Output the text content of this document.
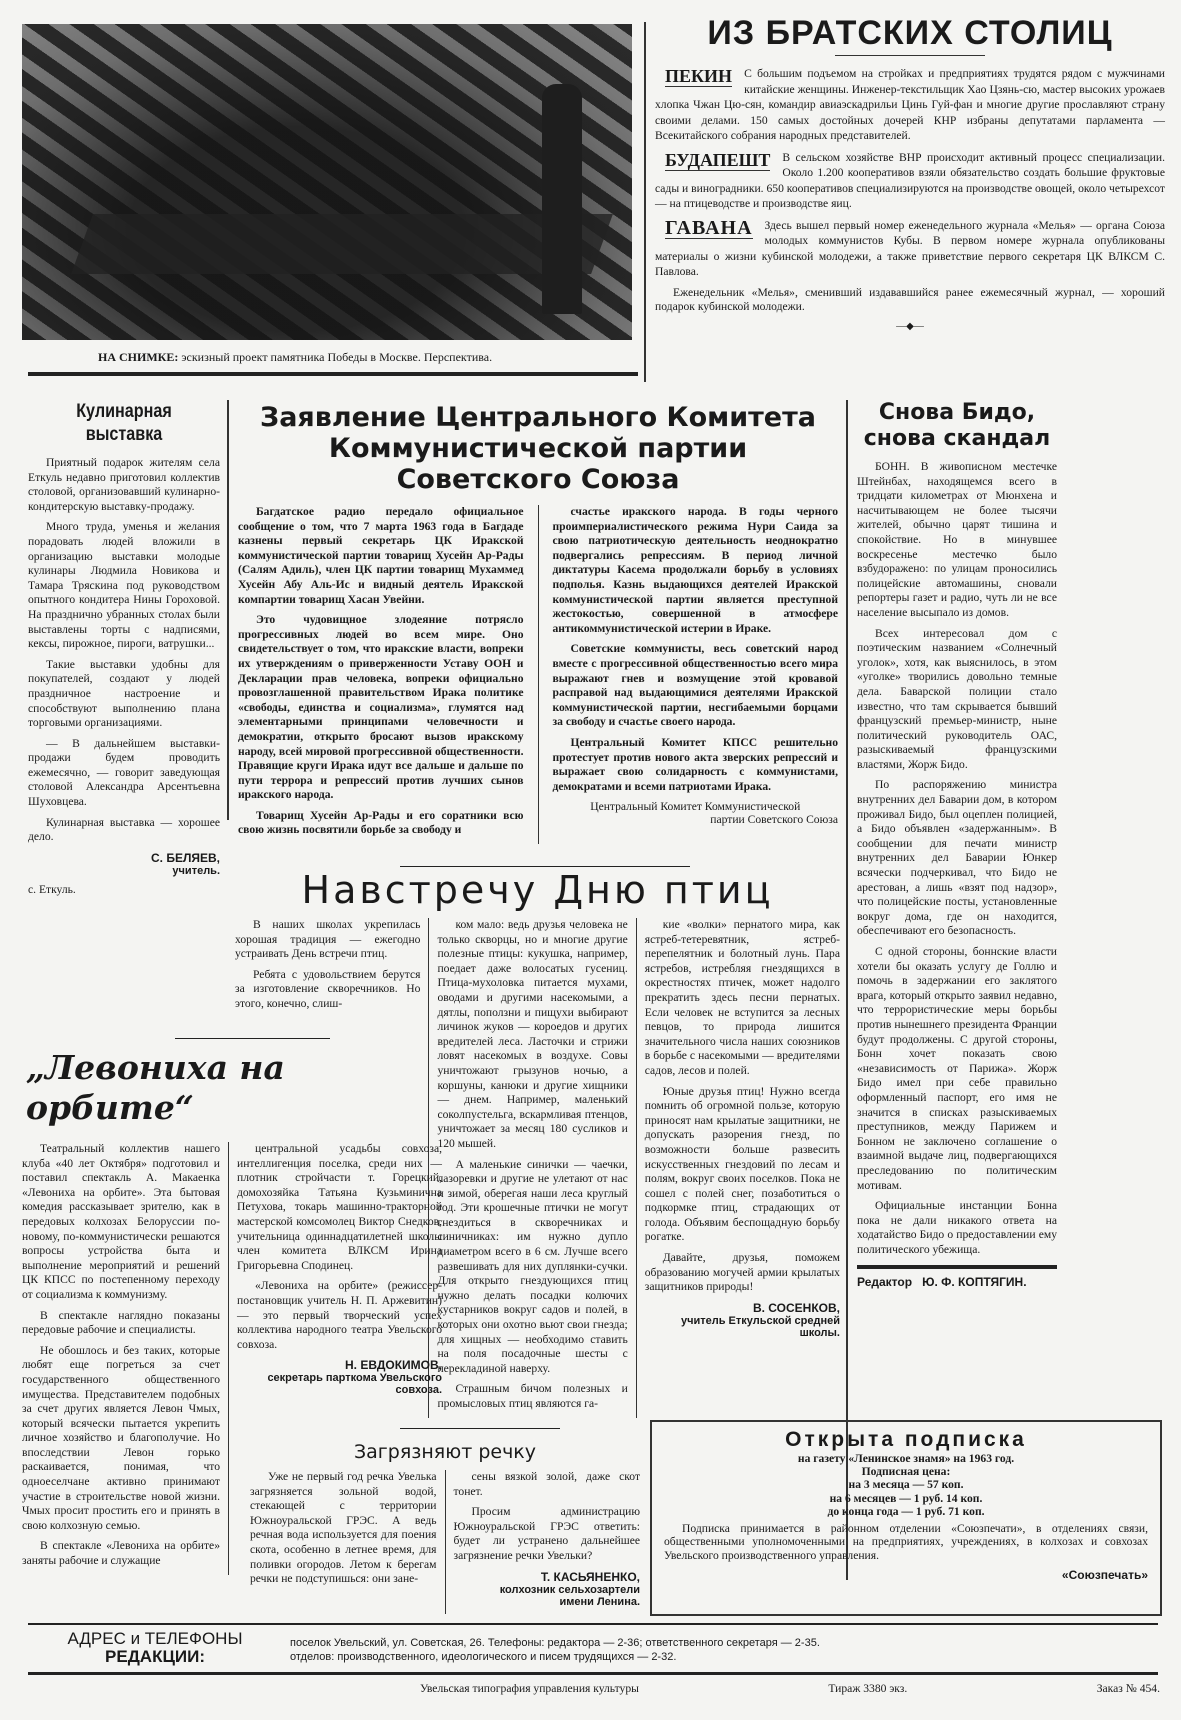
НА СНИМКЕ: эскизный проект памятника Победы в Москве. Перспектива.
ИЗ БРАТСКИХ СТОЛИЦ
ПЕКИН С большим подъемом на стройках и предприятиях трудятся рядом с мужчинами китайские женщины. Инженер-текстильщик Хао Цзянь-сю, мастер высоких урожаев хлопка Чжан Цю-сян, командир авиаэскадрильи Цинь Гуй-фан и многие другие прославляют страну своими делами. 150 самых достойных дочерей КНР избраны депутатами парламента — Всекитайского собрания народных представителей.
БУДАПЕШТ В сельском хозяйстве ВНР происходит активный процесс специализации. Около 1.200 кооперативов взяли обязательство создать большие фруктовые сады и виноградники. 650 кооперативов специализируются на производстве овощей, около четырехсот — на птицеводстве и производстве яиц.
ГАВАНА Здесь вышел первый номер еженедельного журнала «Мелья» — органа Союза молодых коммунистов Кубы. В первом номере журнала опубликованы материалы о жизни кубинской молодежи, а также приветствие первого секретаря ЦК ВЛКСМ С. Павлова.

Еженедельник «Мелья», сменивший издававшийся ранее ежемесячный журнал, — хороший подарок кубинской молодежи.

—◆—
Кулинарная
выставка

Приятный подарок жителям села Еткуль недавно приготовил коллектив столовой, организовавший кулинарно-кондитерскую выставку-продажу.

Много труда, уменья и желания порадовать людей вложили в организацию выставки молодые кулинары Людмила Новикова и Тамара Тряскина под руководством опытного кондитера Нины Гороховой. На празднично убранных столах были выставлены торты с надписями, кексы, пирожное, пироги, ватрушки...

Такие выставки удобны для покупателей, создают у людей праздничное настроение и способствуют выполнению плана торговыми организациями.

— В дальнейшем выставки-продажи будем проводить ежемесячно, — говорит заведующая столовой Александра Арсентьевна Шуховцева.

Кулинарная выставка — хорошее дело.

С. БЕЛЯЕВ,
учитель.
с. Еткуль.
Заявление Центрального Комитета
Коммунистической партии
Советского Союза

Багдатское радио передало официальное сообщение о том, что 7 марта 1963 года в Багдаде казнены первый секретарь ЦК Иракской коммунистической партии товарищ Хусейн Ар-Рады (Салям Адиль), член ЦК партии товарищ Мухаммед Хусейн Абу Аль-Ис и видный деятель Иракской компартии товарищ Хасан Увейни.

Это чудовищное злодеяние потрясло прогрессивных людей во всем мире. Оно свидетельствует о том, что иракские власти, вопреки их утверждениям о приверженности Уставу ООН и Декларации прав человека, вопреки официально провозглашенной правительством Ирака политике «свободы, единства и социализма», глумятся над элементарными принципами человечности и демократии, открыто бросают вызов иракскому народу, всей мировой прогрессивной общественности. Правящие круги Ирака идут все дальше и дальше по пути террора и репрессий против лучших сынов иракского народа.

Товарищ Хусейн Ар-Рады и его соратники всю свою жизнь посвятили борьбе за свободу и

счастье иракского народа. В годы черного проимпериалистического режима Нури Саида за свою патриотическую деятельность неоднократно подвергались репрессиям. В период личной диктатуры Касема продолжали борьбу в условиях подполья. Казнь выдающихся деятелей Иракской коммунистической партии является преступной жестокостью, совершенной в атмосфере антикоммунистической истерии в Ираке.

Советские коммунисты, весь советский народ вместе с прогрессивной общественностью всего мира выражают гнев и возмущение этой кровавой расправой над выдающимися деятелями Иракской коммунистической партии, несгибаемыми борцами за свободу и счастье своего народа.

Центральный Комитет КПСС решительно протестует против нового акта зверских репрессий и выражает свою солидарность с коммунистами, демократами и всеми патриотами Ирака.

Центральный Комитет Коммунистической
партии Советского Союза
Снова Бидо,
снова скандал

БОНН. В живописном местечке Штейнбах, находящемся всего в тридцати километрах от Мюнхена и насчитывающем не более тысячи жителей, обычно царят тишина и спокойствие. Но в минувшее воскресенье местечко было взбудоражено: по улицам проносились полицейские автомашины, сновали репортеры газет и радио, чуть ли не все население высыпало из домов.

Всех интересовал дом с поэтическим названием «Солнечный уголок», хотя, как выяснилось, в этом «уголке» творились довольно темные дела. Баварской полиции стало известно, что там скрывается бывший французский премьер-министр, ныне политический руководитель ОАС, разыскиваемый французскими властями, Жорж Бидо.

По распоряжению министра внутренних дел Баварии дом, в котором проживал Бидо, был оцеплен полицией, а Бидо объявлен «задержанным». В сообщении для печати министр внутренних дел Баварии Юнкер всячески подчеркивал, что Бидо не арестован, а лишь «взят под надзор», что полицейские посты, установленные вокруг дома, где он находится, обеспечивают его безопасность.

С одной стороны, боннские власти хотели бы оказать услугу де Голлю и помочь в задержании его заклятого врага, который открыто заявил недавно, что террористические меры борьбы против нынешнего президента Франции будут продолжены. С другой стороны, Бонн хочет показать свою «независимость от Парижа». Жорж Бидо имел при себе правильно оформленный паспорт, его имя не значится в списках разыскиваемых преступников, между Парижем и Бонном не заключено соглашение о взаимной выдаче лиц, подвергающихся преследованию по политическим мотивам.

Официальные инстанции Бонна пока не дали никакого ответа на ходатайство Бидо о предоставлении ему политического убежища.

Редактор Ю. Ф. КОПТЯГИН.
Навстречу Дню птиц

В наших школах укрепилась хорошая традиция — ежегодно устраивать День встречи птиц.

Ребята с удовольствием берутся за изготовление скворечников. Но этого, конечно, слиш-

ком мало: ведь друзья человека не только скворцы, но и многие другие полезные птицы: кукушка, например, поедает даже волосатых гусениц. Птица-мухоловка питается мухами, оводами и другими насекомыми, а дятлы, поползни и пищухи выбирают личинок жуков — короедов и других вредителей леса. Ласточки и стрижи ловят насекомых в воздухе. Совы уничтожают грызунов ночью, а коршуны, канюки и другие хищники — днем. Например, маленький соколпустельга, вскармливая птенцов, уничтожает за месяц 180 сусликов и 120 мышей.

А маленькие синички — чаечки, лазоревки и другие не улетают от нас и зимой, оберегая наши леса круглый год. Эти крошечные птички не могут гнездиться в скворечниках и синичниках: им нужно дупло диаметром всего в 6 см. Лучше всего развешивать для них дуплянки-сучки. Для открыто гнездующихся птиц нужно делать посадки колючих кустарников вокруг садов и полей, в которых они охотно вьют свои гнезда; для хищных — необходимо ставить на поля посадочные шесты с перекладиной наверху.

Страшным бичом полезных и промысловых птиц являются га-

кие «волки» пернатого мира, как ястреб-тетеревятник, ястреб-перепелятник и болотный лунь. Пара ястребов, истребляя гнездящихся в окрестностях птичек, может надолго прекратить здесь песни пернатых. Если человек не вступится за лесных певцов, то природа лишится значительного числа наших союзников в борьбе с насекомыми — вредителями садов, лесов и полей.

Юные друзья птиц! Нужно всегда помнить об огромной пользе, которую приносят нам крылатые защитники, не допускать разорения гнезд, по возможности больше развесить искусственных гнездовий по лесам и полям, вокруг своих поселков. Пока не сошел с полей снег, позаботиться о подкормке птиц, страдающих от голода. Объявим беспощадную борьбу рогатке.

Давайте, друзья, поможем образованию могучей армии крылатых защитников природы!

В. СОСЕНКОВ,
учитель Еткульской средней школы.
„Левониха на орбите“

Театральный коллектив нашего клуба «40 лет Октября» подготовил и поставил спектакль А. Макаенка «Левониха на орбите». Эта бытовая комедия рассказывает зрителю, как в передовых колхозах Белоруссии по-новому, по-коммунистически решаются вопросы устройства быта и выполнение мероприятий и решений ЦК КПСС по постепенному переходу от социализма к коммунизму.

В спектакле наглядно показаны передовые рабочие и специалисты.

Не обошлось и без таких, которые любят еще погреться за счет государственного общественного имущества. Представителем подобных за счет других является Левон Чмых, который всячески пытается укрепить личное хозяйство и благополучие. Но впоследствии Левон горько раскаивается, понимая, что одноеселчане активно принимают участие в строительстве новой жизни. Чмых просит простить его и принять в свою колхозную семью.

В спектакле «Левониха на орбите» заняты рабочие и служащие

центральной усадьбы совхоза, интеллигенция поселка, среди них — плотник стройчасти т. Горецкий, домохозяйка Татьяна Кузьминична Петухова, токарь машинно-тракторной мастерской комсомолец Виктор Снедков, учительница одиннадцатилетней школы член комитета ВЛКСМ Ирина Григорьевна Сподинец.

«Левониха на орбите» (режиссер-постановщик учитель Н. П. Аржевитин) — это первый творческий успех коллектива народного театра Увельского совхоза.

Н. ЕВДОКИМОВ,
секретарь парткома Увельского совхоза.
Загрязняют речку

Уже не первый год речка Увелька загрязняется зольной водой, стекающей с территории Южноуральской ГРЭС. А ведь речная вода используется для поения скота, особенно в летнее время, для поливки огородов. Летом к берегам речки не подступишься: они зане-

сены вязкой золой, даже скот тонет.

Просим администрацию Южноуральской ГРЭС ответить: будет ли устранено дальнейшее загрязнение речки Увельки?

Т. КАСЬЯНЕНКО,
колхозник сельхозартели
имени Ленина.
Открыта подписка
на газету «Ленинское знамя» на 1963 год.
Подписная цена:
на 3 месяца — 57 коп.
на 6 месяцев — 1 руб. 14 коп.
до конца года — 1 руб. 71 коп.

Подписка принимается в районном отделении «Союзпечати», в отделениях связи, общественными уполномоченными на предприятиях, учреждениях, в колхозах и совхозах Увельского производственного управления.

«Союзпечать»
АДРЕС и ТЕЛЕФОНЫ
РЕДАКЦИИ:
поселок Увельский, ул. Советская, 26. Телефоны: редактора — 2-36; ответственного секретаря — 2-35.
отделов: производственного, идеологического и писем трудящихся — 2-32.
Увельская типография управления культуры	Тираж 3380 экз.	Заказ № 454.
